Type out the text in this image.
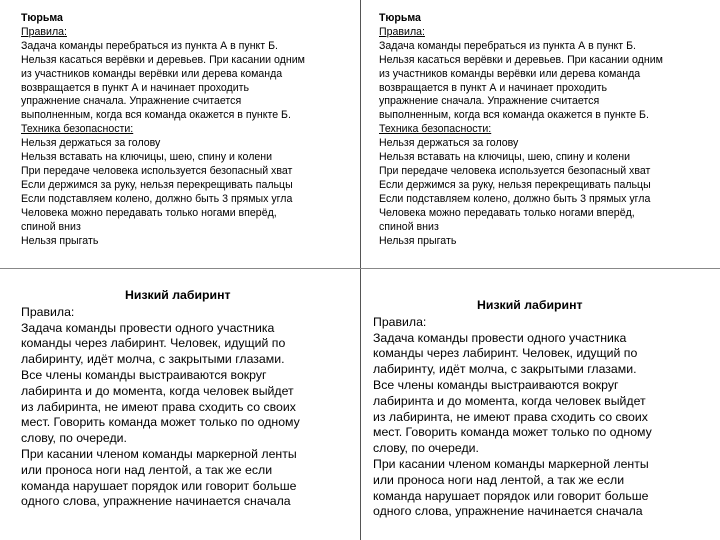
Тюрьма
Правила:
Задача команды перебраться из пункта А в пункт Б.
Нельзя касаться верёвки и деревьев. При касании одним
из участников команды верёвки или дерева команда
возвращается в пункт А и начинает проходить
упражнение сначала. Упражнение считается
выполненным, когда вся команда окажется в пункте Б.
Техника безопасности:
Нельзя держаться за голову
Нельзя вставать на ключицы, шею, спину и колени
При передаче человека используется безопасный хват
Если держимся за руку, нельзя перекрещивать пальцы
Если подставляем колено, должно быть 3 прямых угла
Человека можно передавать только ногами вперёд,
спиной вниз
Нельзя прыгать
Тюрьма
Правила:
Задача команды перебраться из пункта А в пункт Б.
Нельзя касаться верёвки и деревьев. При касании одним
из участников команды верёвки или дерева команда
возвращается в пункт А и начинает проходить
упражнение сначала. Упражнение считается
выполненным, когда вся команда окажется в пункте Б.
Техника безопасности:
Нельзя держаться за голову
Нельзя вставать на ключицы, шею, спину и колени
При передаче человека используется безопасный хват
Если держимся за руку, нельзя перекрещивать пальцы
Если подставляем колено, должно быть 3 прямых угла
Человека можно передавать только ногами вперёд,
спиной вниз
Нельзя прыгать
Низкий лабиринт
Правила:
Задача команды провести одного участника
команды через лабиринт. Человек, идущий по
лабиринту, идёт молча, с закрытыми глазами.
Все члены команды выстраиваются вокруг
лабиринта и до момента, когда человек выйдет
из лабиринта, не имеют права сходить со своих
мест. Говорить команда может только по одному
слову, по очереди.
При касании членом команды маркерной ленты
или проноса ноги над лентой, а так же если
команда нарушает порядок или говорит больше
одного слова, упражнение начинается сначала
Низкий лабиринт
Правила:
Задача команды провести одного участника
команды через лабиринт. Человек, идущий по
лабиринту, идёт молча, с закрытыми глазами.
Все члены команды выстраиваются вокруг
лабиринта и до момента, когда человек выйдет
из лабиринта, не имеют права сходить со своих
мест. Говорить команда может только по одному
слову, по очереди.
При касании членом команды маркерной ленты
или проноса ноги над лентой, а так же если
команда нарушает порядок или говорит больше
одного слова, упражнение начинается сначала
